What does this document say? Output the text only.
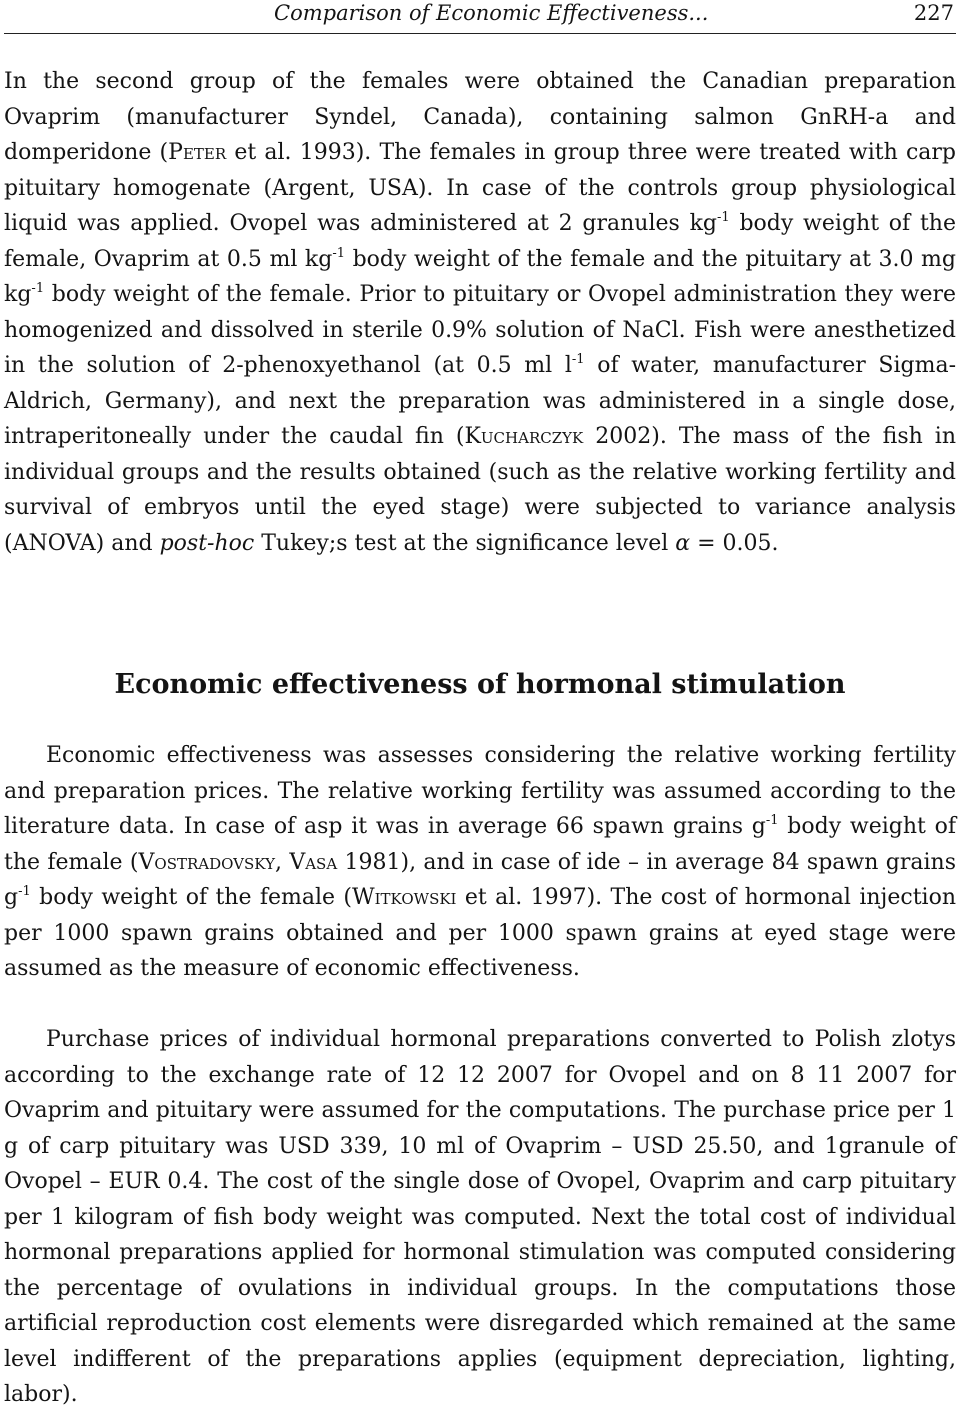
Comparison of Economic Effectiveness...	227

In the second group of the females were obtained the Canadian preparation Ovaprim (manufacturer Syndel, Canada), containing salmon GnRH-a and domperidone (Peter et al. 1993). The females in group three were treated with carp pituitary homogenate (Argent, USA). In case of the controls group physiological liquid was applied. Ovopel was administered at 2 granules $kg^{-1}$ body weight of the female, Ovaprim at 0.5 ml $kg^{-1}$ body weight of the female and the pituitary at 3.0 mg $kg^{-1}$ body weight of the female. Prior to pituitary or Ovopel administration they were homogenized and dissolved in sterile 0.9% solution of NaCl. Fish were anesthetized in the solution of 2-phenoxyethanol (at 0.5 ml $l^{-1}$ of water, manufacturer Sigma-Aldrich, Germany), and next the preparation was administered in a single dose, intraperitoneally under the caudal fin (Kucharczyk 2002). The mass of the fish in individual groups and the results obtained (such as the relative working fertility and survival of embryos until the eyed stage) were subjected to variance analysis (ANOVA) and post-hoc Tukey;s test at the significance level α = 0.05.

Economic effectiveness of hormonal stimulation

Economic effectiveness was assesses considering the relative working fertility and preparation prices. The relative working fertility was assumed according to the literature data. In case of asp it was in average 66 spawn grains $g^{-1}$ body weight of the female (Vostradovsky, Vasa 1981), and in case of ide – in average 84 spawn grains $g^{-1}$ body weight of the female (Witkowski et al. 1997). The cost of hormonal injection per 1000 spawn grains obtained and per 1000 spawn grains at eyed stage were assumed as the measure of economic effectiveness.

Purchase prices of individual hormonal preparations converted to Polish zlotys according to the exchange rate of 12 12 2007 for Ovopel and on 8 11 2007 for Ovaprim and pituitary were assumed for the computations. The purchase price per 1 g of carp pituitary was USD 339, 10 ml of Ovaprim – USD 25.50, and 1granule of Ovopel – EUR 0.4. The cost of the single dose of Ovopel, Ovaprim and carp pituitary per 1 kilogram of fish body weight was computed. Next the total cost of individual hormonal preparations applied for hormonal stimulation was computed considering the percentage of ovulations in individual groups. In the computations those artificial reproduction cost elements were disregarded which remained at the same level indifferent of the preparations applies (equipment depreciation, lighting, labor).
